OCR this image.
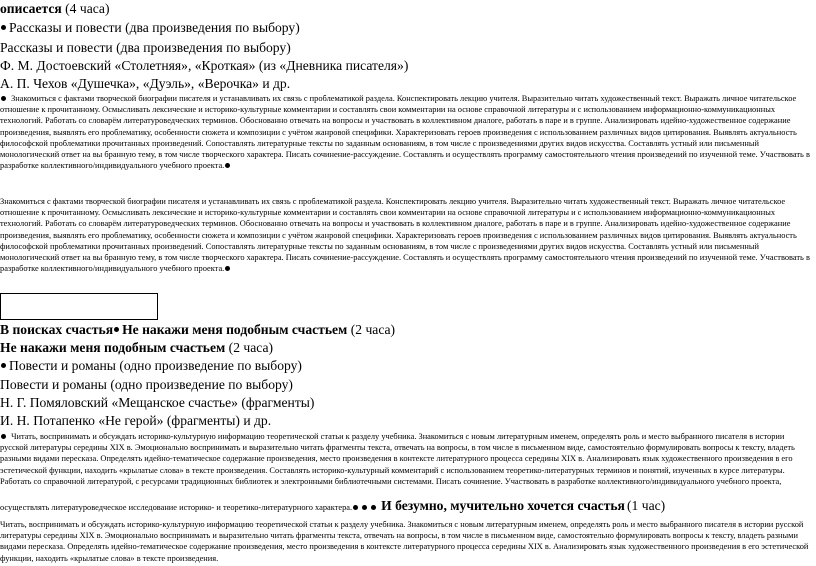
описается (4 часа)
Рассказы и повести (два произведения по выбору)
Рассказы и повести (два произведения по выбору)
Ф. М. Достоевский «Столетняя», «Кроткая» (из «Дневника писателя»)
А. П. Чехов «Душечка», «Дуэль», «Верочка» и др.
Знакомиться с фактами творческой биографии писателя и устанавливать их связь с проблематикой раздела. Конспектировать лекцию учителя. Выразительно читать художественный текст. Выражать личное читательское отношение к прочитанному. Осмысливать лексические и историко-культурные комментарии и составлять свои комментарии на основе справочной литературы и с использованием информационно-коммуникационных технологий. Работать со словарём литературоведческих терминов. Обоснованно отвечать на вопросы и участвовать в коллективном диалоге, работать в паре и в группе. Анализировать идейно-художественное содержание произведения, выявлять его проблематику, особенности сюжета и композиции с учётом жанровой специфики. Характеризовать героев произведения с использованием различных видов цитирования. Выявлять актуальность философской проблематики прочитанных произведений. Сопоставлять литературные тексты по заданным основаниям, в том числе с произведениями других видов искусства. Составлять устный или письменный монологический ответ на вы бранную тему, в том числе творческого характера. Писать сочинение-рассуждение. Составлять и осуществлять программу самостоятельного чтения произведений по изученной теме. Участвовать в разработке коллективного/индивидуального учебного проекта.
Знакомиться с фактами творческой биографии писателя и устанавливать их связь с проблематикой раздела. Конспектировать лекцию учителя. Выразительно читать художественный текст. Выражать личное читательское отношение к прочитанному. Осмысливать лексические и историко-культурные комментарии и составлять свои комментарии на основе справочной литературы и с использованием информационно-коммуникационных технологий. Работать со словарём литературоведческих терминов. Обоснованно отвечать на вопросы и участвовать в коллективном диалоге, работать в паре и в группе. Анализировать идейно-художественное содержание произведения, выявлять его проблематику, особенности сюжета и композиции с учётом жанровой специфики. Характеризовать героев произведения с использованием различных видов цитирования. Выявлять актуальность философской проблематики прочитанных произведений. Сопоставлять литературные тексты по заданным основаниям, в том числе с произведениями других видов искусства. Составлять устный или письменный монологический ответ на вы бранную тему, в том числе творческого характера. Писать сочинение-рассуждение. Составлять и осуществлять программу самостоятельного чтения произведений по изученной теме. Участвовать в разработке коллективного/индивидуального учебного проекта.
В поисках счастья Не накажи меня подобным счастьем (2 часа)
Не накажи меня подобным счастьем (2 часа)
Повести и романы (одно произведение по выбору)
Повести и романы (одно произведение по выбору)
Н. Г. Помяловский «Мещанское счастье» (фрагменты)
И. Н. Потапенко «Не герой» (фрагменты) и др.
Читать, воспринимать и обсуждать историко-культурную информацию теоретической статьи к разделу учебника. Знакомиться с новым литературным именем, определять роль и место выбранного писателя в истории русской литературы середины XIX в. Эмоционально воспринимать и выразительно читать фрагменты текста, отвечать на вопросы, в том числе в письменном виде, самостоятельно формулировать вопросы к тексту, владеть разными видами пересказа. Определять идейно-тематическое содержание произведения, место произведения в контексте литературного процесса середины XIX в. Анализировать язык художественного произведения в его эстетической функции, находить «крылатые слова» в тексте произведения. Составлять историко-культурный комментарий с использованием теоретико-литературных терминов и понятий, изученных в курсе литературы. Работать со справочной литературой, с ресурсами традиционных библиотек и электронными библиотечными системами. Писать сочинение. Участвовать в разработке коллективного/индивидуального учебного проекта,
осуществлять литературоведческое исследование историко- и теоретико-литературного характера. И безумно, мучительно хочется счастья (1 час)
Читать, воспринимать и обсуждать историко-культурную информацию теоретической статьи к разделу учебника. Знакомиться с новым литературным именем, определять роль и место выбранного писателя в истории русской литературы середины XIX в. Эмоционально воспринимать и выразительно читать фрагменты текста, отвечать на вопросы, в том числе в письменном виде, самостоятельно формулировать вопросы к тексту, владеть разными видами пересказа. Определять идейно-тематическое содержание произведения, место произведения в контексте литературного процесса середины XIX в. Анализировать язык художественного произведения в его эстетической функции, находить «крылатые слова» в тексте произведения.
